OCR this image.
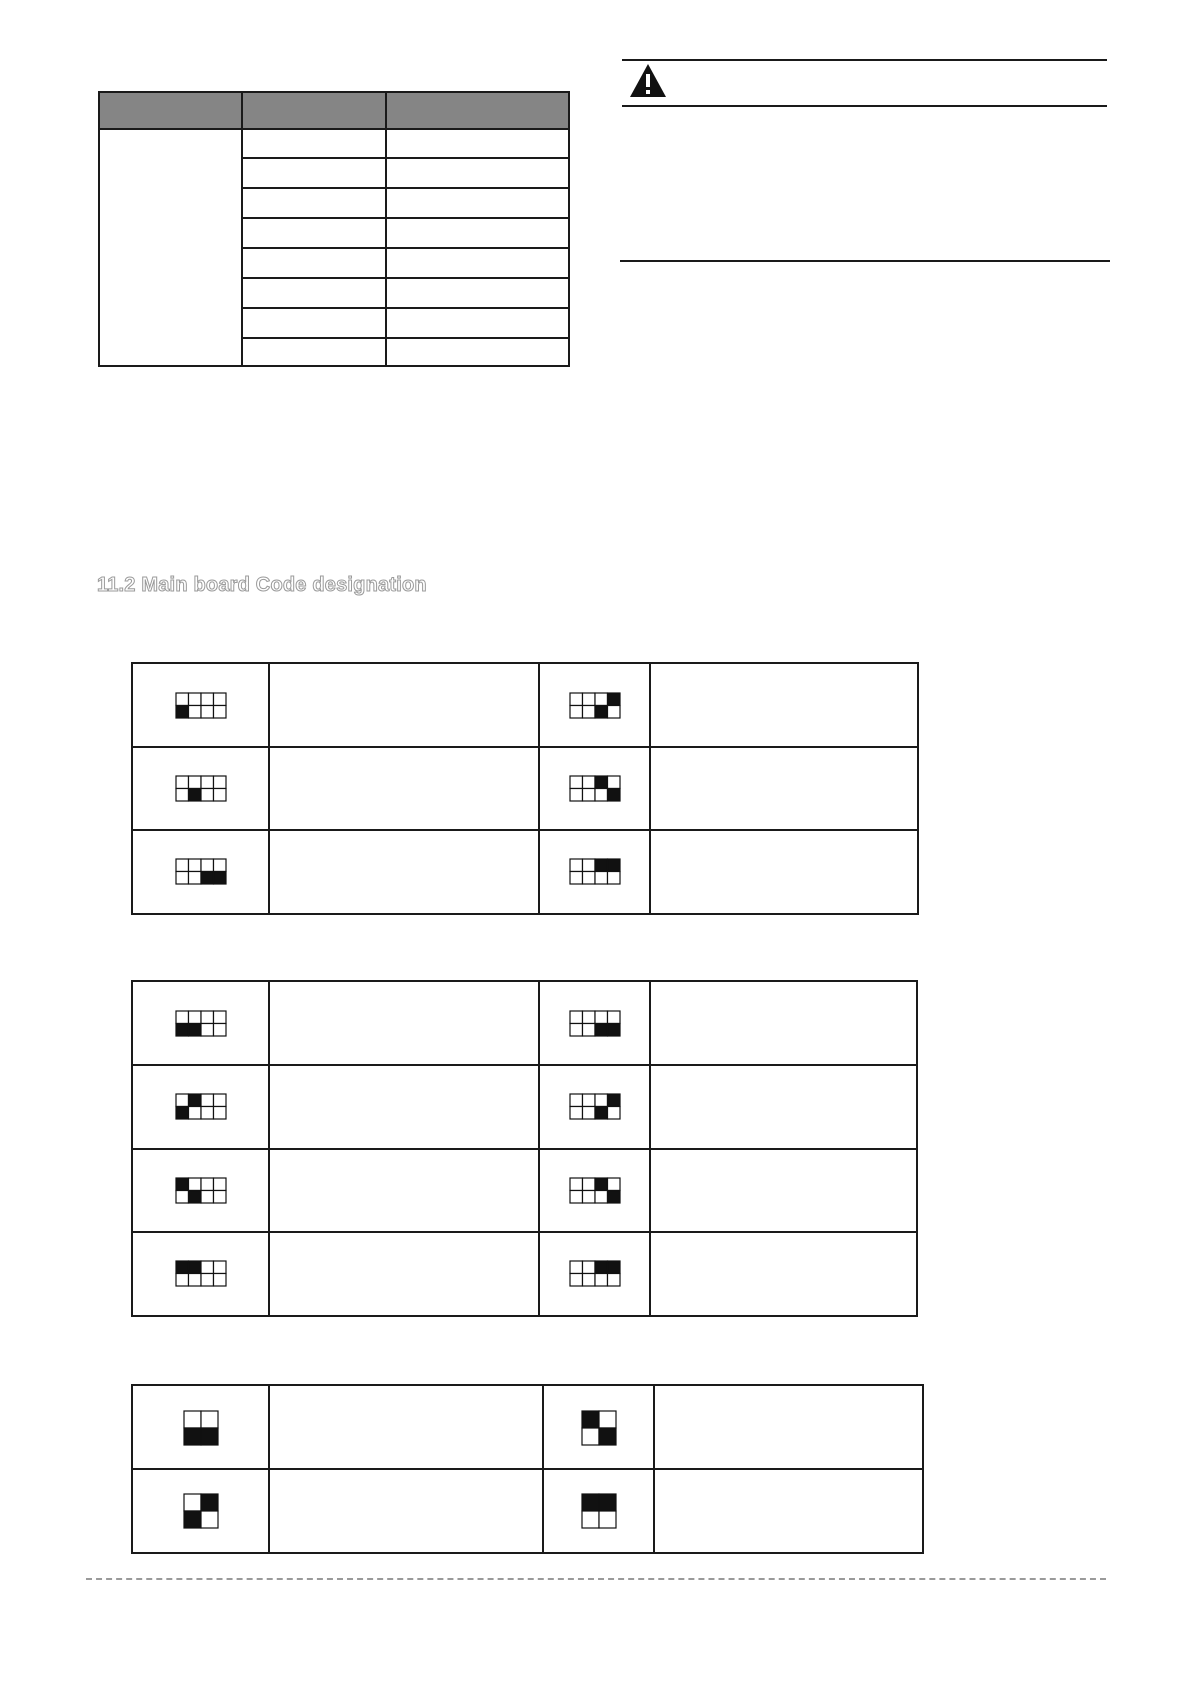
11.2 Main board Code designation
